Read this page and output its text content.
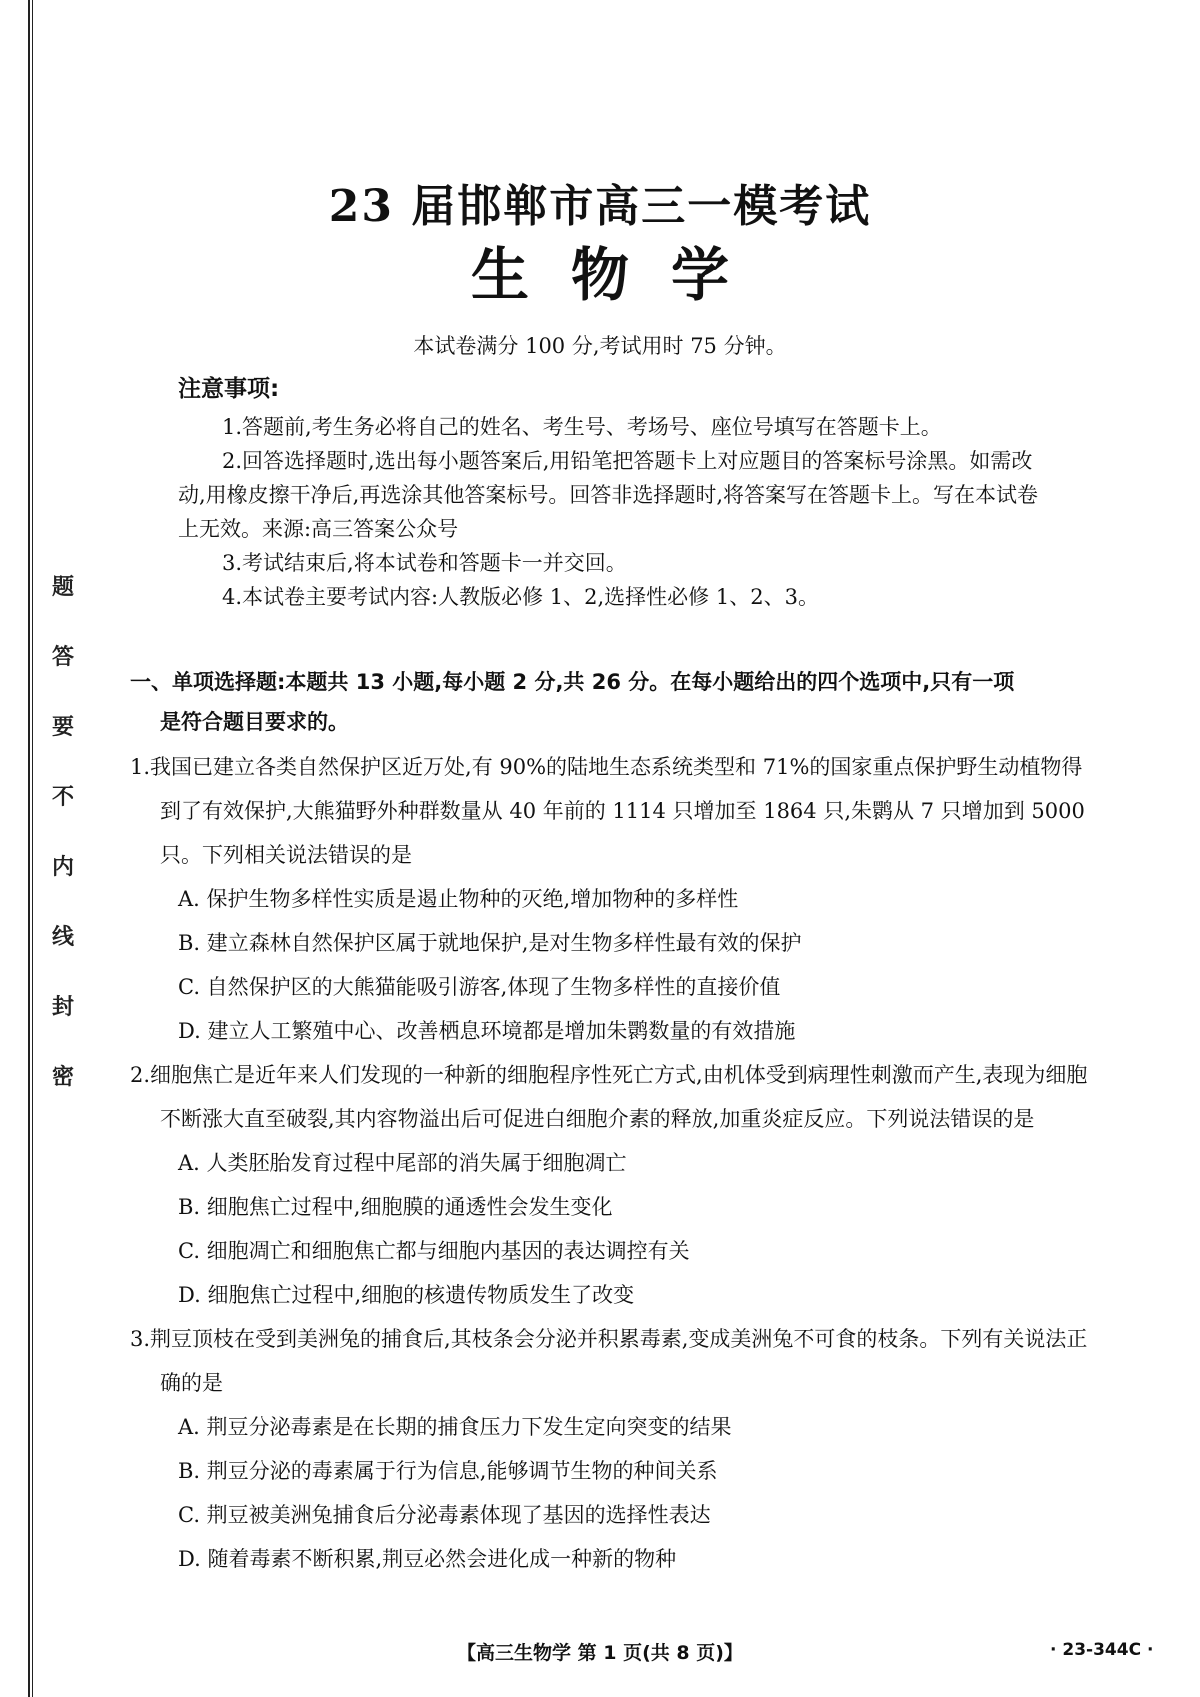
题
答
要
不
内
线
封
密
23 届邯郸市高三一模考试
生物学
本试卷满分 100 分,考试用时 75 分钟。
注意事项:

1.答题前,考生务必将自己的姓名、考生号、考场号、座位号填写在答题卡上。

2.回答选择题时,选出每小题答案后,用铅笔把答题卡上对应题目的答案标号涂黑。如需改动,用橡皮擦干净后,再选涂其他答案标号。回答非选择题时,将答案写在答题卡上。写在本试卷上无效。来源:高三答案公众号

3.考试结束后,将本试卷和答题卡一并交回。

4.本试卷主要考试内容:人教版必修 1、2,选择性必修 1、2、3。

一、单项选择题:本题共 13 小题,每小题 2 分,共 26 分。在每小题给出的四个选项中,只有一项
是符合题目要求的。

1.我国已建立各类自然保护区近万处,有 90%的陆地生态系统类型和 71%的国家重点保护野生动植物得到了有效保护,大熊猫野外种群数量从 40 年前的 1114 只增加至 1864 只,朱鹮从 7 只增加到 5000 只。下列相关说法错误的是

A. 保护生物多样性实质是遏止物种的灭绝,增加物种的多样性
B. 建立森林自然保护区属于就地保护,是对生物多样性最有效的保护
C. 自然保护区的大熊猫能吸引游客,体现了生物多样性的直接价值
D. 建立人工繁殖中心、改善栖息环境都是增加朱鹮数量的有效措施

2.细胞焦亡是近年来人们发现的一种新的细胞程序性死亡方式,由机体受到病理性刺激而产生,表现为细胞不断涨大直至破裂,其内容物溢出后可促进白细胞介素的释放,加重炎症反应。下列说法错误的是

A. 人类胚胎发育过程中尾部的消失属于细胞凋亡
B. 细胞焦亡过程中,细胞膜的通透性会发生变化
C. 细胞凋亡和细胞焦亡都与细胞内基因的表达调控有关
D. 细胞焦亡过程中,细胞的核遗传物质发生了改变

3.荆豆顶枝在受到美洲兔的捕食后,其枝条会分泌并积累毒素,变成美洲兔不可食的枝条。下列有关说法正确的是

A. 荆豆分泌毒素是在长期的捕食压力下发生定向突变的结果
B. 荆豆分泌的毒素属于行为信息,能够调节生物的种间关系
C. 荆豆被美洲兔捕食后分泌毒素体现了基因的选择性表达
D. 随着毒素不断积累,荆豆必然会进化成一种新的物种
【高三生物学 第 1 页(共 8 页)】	· 23-344C ·
